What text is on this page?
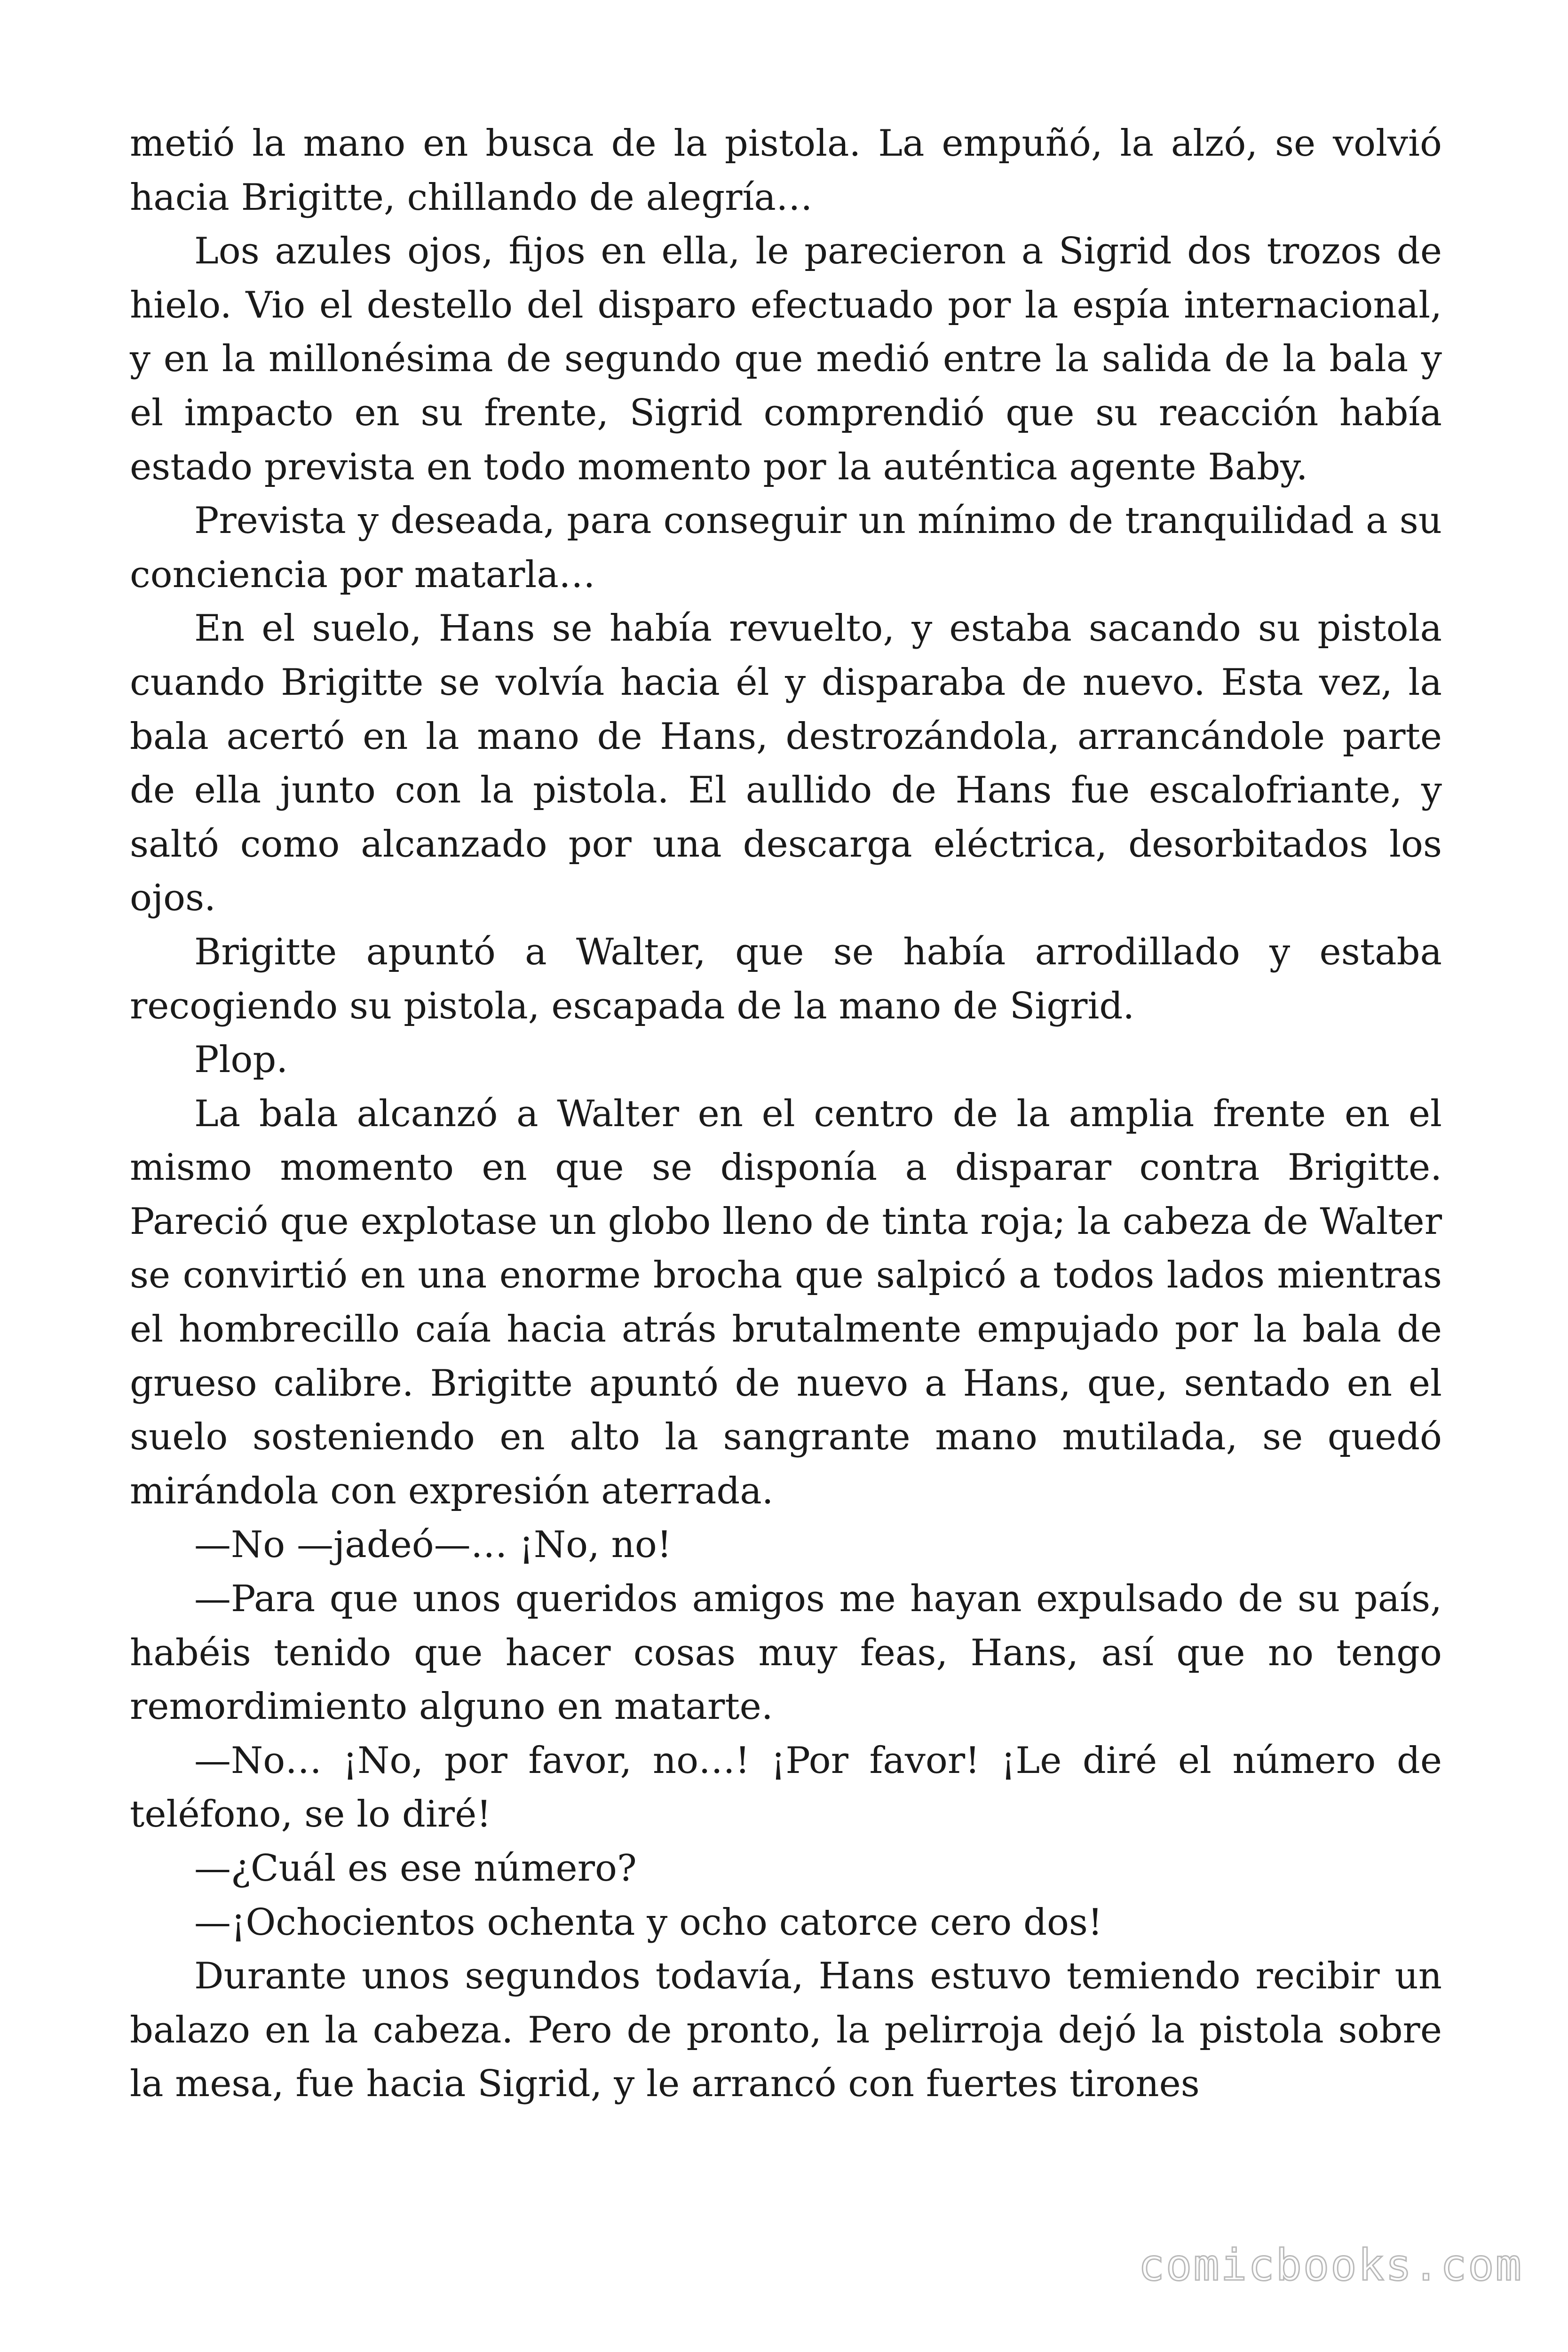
metió la mano en busca de la pistola. La empuñó, la alzó, se volvió hacia Brigitte, chillando de alegría…

Los azules ojos, fijos en ella, le parecieron a Sigrid dos trozos de hielo. Vio el destello del disparo efectuado por la espía internacional, y en la millonésima de segundo que medió entre la salida de la bala y el impacto en su frente, Sigrid comprendió que su reacción había estado prevista en todo momento por la auténtica agente Baby.

Prevista y deseada, para conseguir un mínimo de tranquilidad a su conciencia por matarla…

En el suelo, Hans se había revuelto, y estaba sacando su pistola cuando Brigitte se volvía hacia él y disparaba de nuevo. Esta vez, la bala acertó en la mano de Hans, destrozándola, arrancándole parte de ella junto con la pistola. El aullido de Hans fue escalofriante, y saltó como alcanzado por una descarga eléctrica, desorbitados los ojos.

Brigitte apuntó a Walter, que se había arrodillado y estaba recogiendo su pistola, escapada de la mano de Sigrid.

Plop.

La bala alcanzó a Walter en el centro de la amplia frente en el mismo momento en que se disponía a disparar contra Brigitte. Pareció que explotase un globo lleno de tinta roja; la cabeza de Walter se convirtió en una enorme brocha que salpicó a todos lados mientras el hombrecillo caía hacia atrás brutalmente empujado por la bala de grueso calibre. Brigitte apuntó de nuevo a Hans, que, sentado en el suelo sosteniendo en alto la sangrante mano mutilada, se quedó mirándola con expresión aterrada.

—No —jadeó—… ¡No, no!

—Para que unos queridos amigos me hayan expulsado de su país, habéis tenido que hacer cosas muy feas, Hans, así que no tengo remordimiento alguno en matarte.

—No… ¡No, por favor, no…! ¡Por favor! ¡Le diré el número de teléfono, se lo diré!

—¿Cuál es ese número?

—¡Ochocientos ochenta y ocho catorce cero dos!

Durante unos segundos todavía, Hans estuvo temiendo recibir un balazo en la cabeza. Pero de pronto, la pelirroja dejó la pistola sobre la mesa, fue hacia Sigrid, y le arrancó con fuertes tirones

comicbooks.com
